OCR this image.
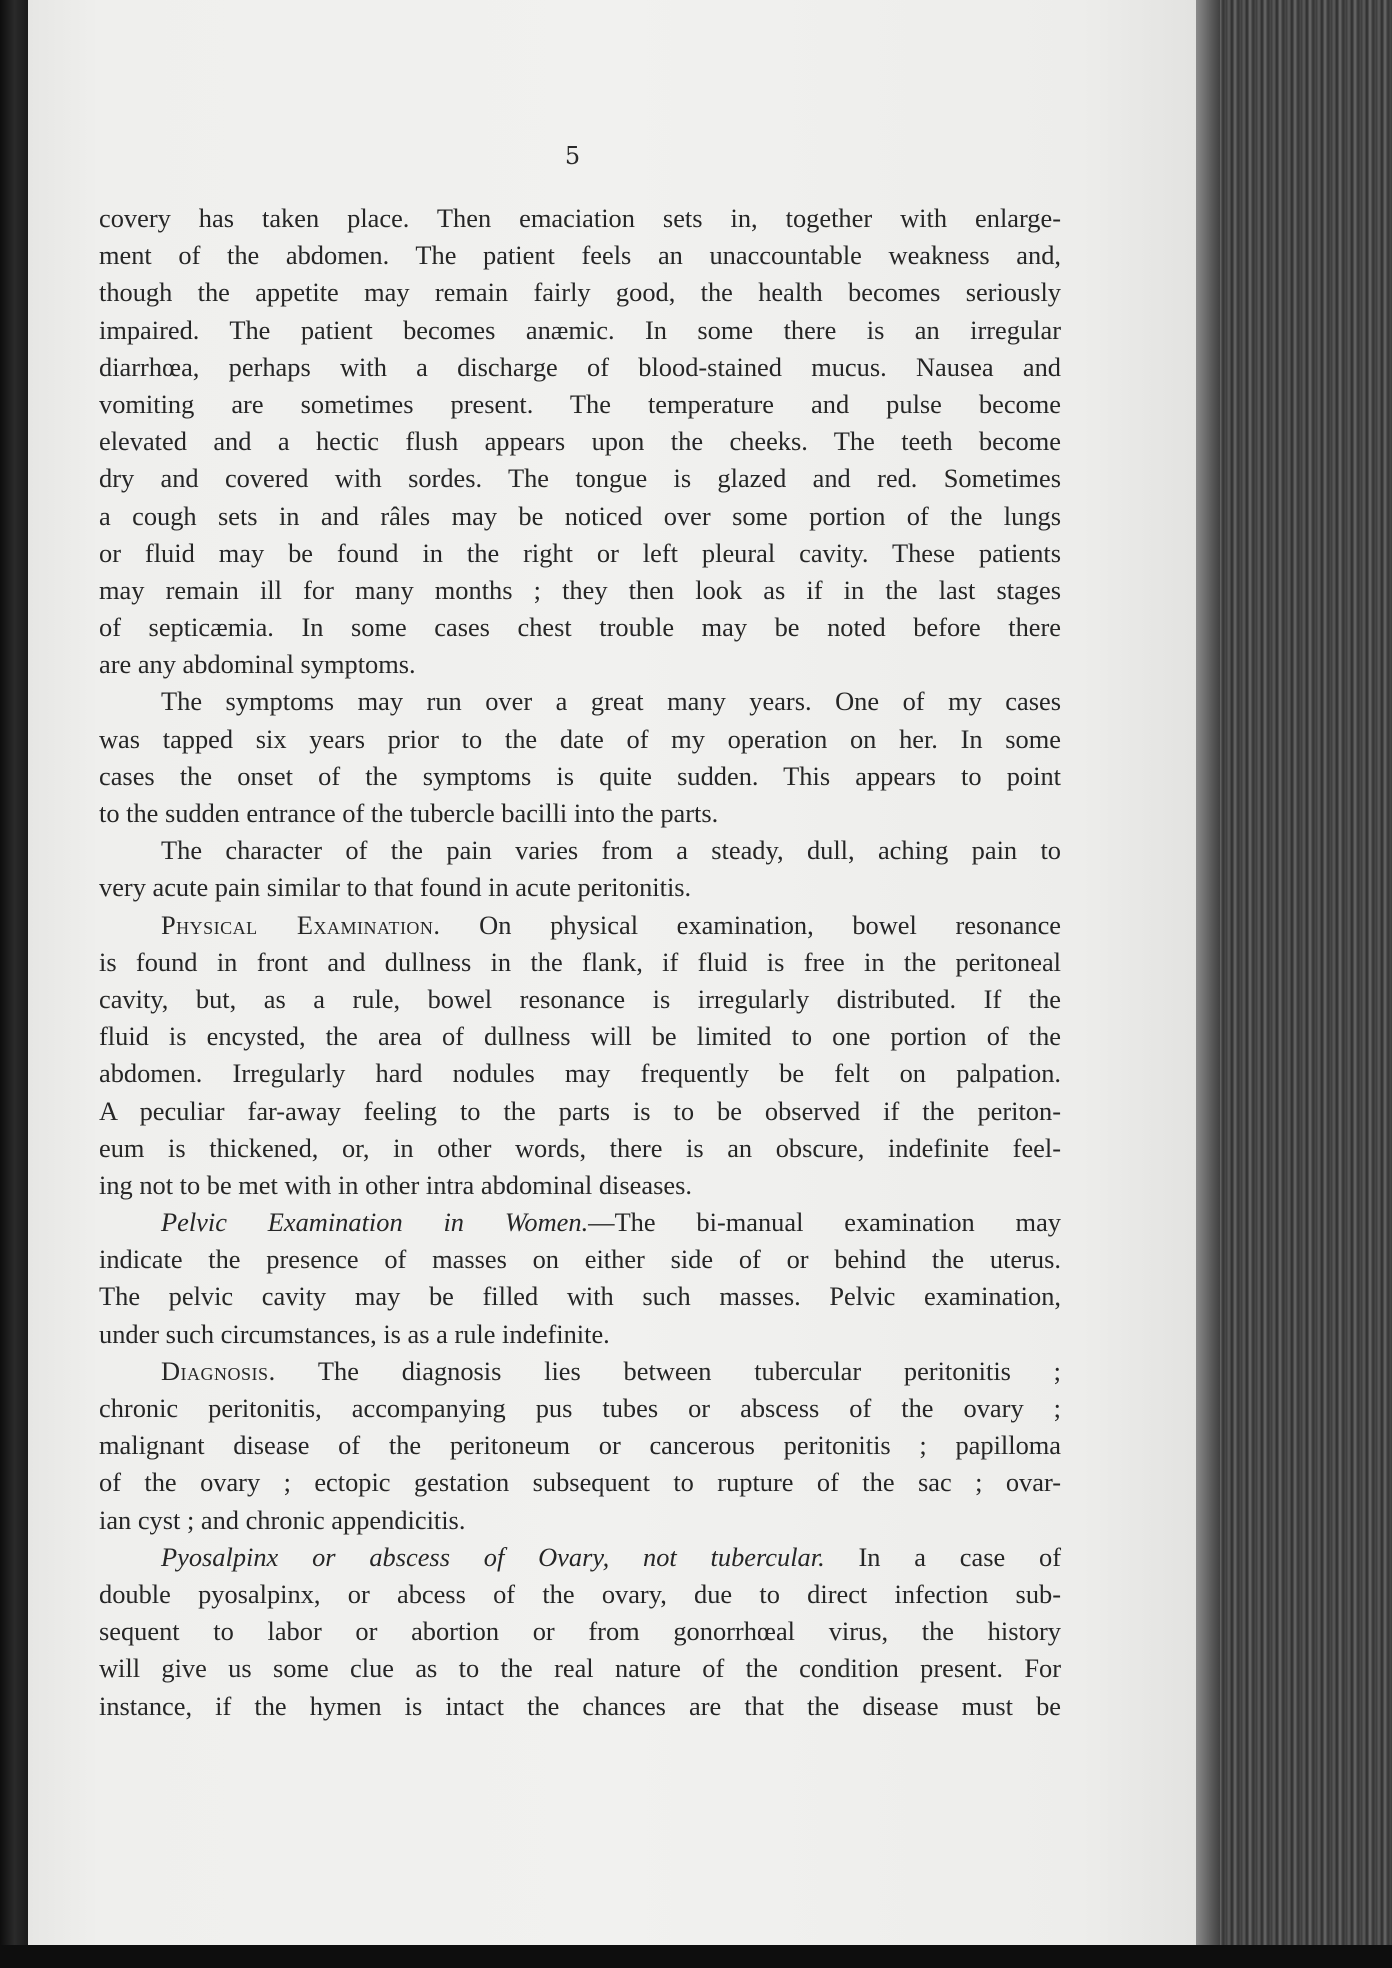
5
covery has taken place. Then emaciation sets in, together with enlarge-
ment of the abdomen. The patient feels an unaccountable weakness and,
though the appetite may remain fairly good, the health becomes seriously
impaired. The patient becomes anæmic. In some there is an irregular
diarrhœa, perhaps with a discharge of blood-stained mucus. Nausea and
vomiting are sometimes present. The temperature and pulse become
elevated and a hectic flush appears upon the cheeks. The teeth become
dry and covered with sordes. The tongue is glazed and red. Sometimes
a cough sets in and râles may be noticed over some portion of the lungs
or fluid may be found in the right or left pleural cavity. These patients
may remain ill for many months ; they then look as if in the last stages
of septicæmia. In some cases chest trouble may be noted before there
are any abdominal symptoms.
The symptoms may run over a great many years. One of my cases
was tapped six years prior to the date of my operation on her. In some
cases the onset of the symptoms is quite sudden. This appears to point
to the sudden entrance of the tubercle bacilli into the parts.
The character of the pain varies from a steady, dull, aching pain to
very acute pain similar to that found in acute peritonitis.
Physical Examination. On physical examination, bowel resonance
is found in front and dullness in the flank, if fluid is free in the peritoneal
cavity, but, as a rule, bowel resonance is irregularly distributed. If the
fluid is encysted, the area of dullness will be limited to one portion of the
abdomen. Irregularly hard nodules may frequently be felt on palpation.
A peculiar far-away feeling to the parts is to be observed if the periton-
eum is thickened, or, in other words, there is an obscure, indefinite feel-
ing not to be met with in other intra abdominal diseases.
Pelvic Examination in Women.—The bi-manual examination may
indicate the presence of masses on either side of or behind the uterus.
The pelvic cavity may be filled with such masses. Pelvic examination,
under such circumstances, is as a rule indefinite.
Diagnosis. The diagnosis lies between tubercular peritonitis ;
chronic peritonitis, accompanying pus tubes or abscess of the ovary ;
malignant disease of the peritoneum or cancerous peritonitis ; papilloma
of the ovary ; ectopic gestation subsequent to rupture of the sac ; ovar-
ian cyst ; and chronic appendicitis.
Pyosalpinx or abscess of Ovary, not tubercular. In a case of
double pyosalpinx, or abcess of the ovary, due to direct infection sub-
sequent to labor or abortion or from gonorrhœal virus, the history
will give us some clue as to the real nature of the condition present. For
instance, if the hymen is intact the chances are that the disease must be
